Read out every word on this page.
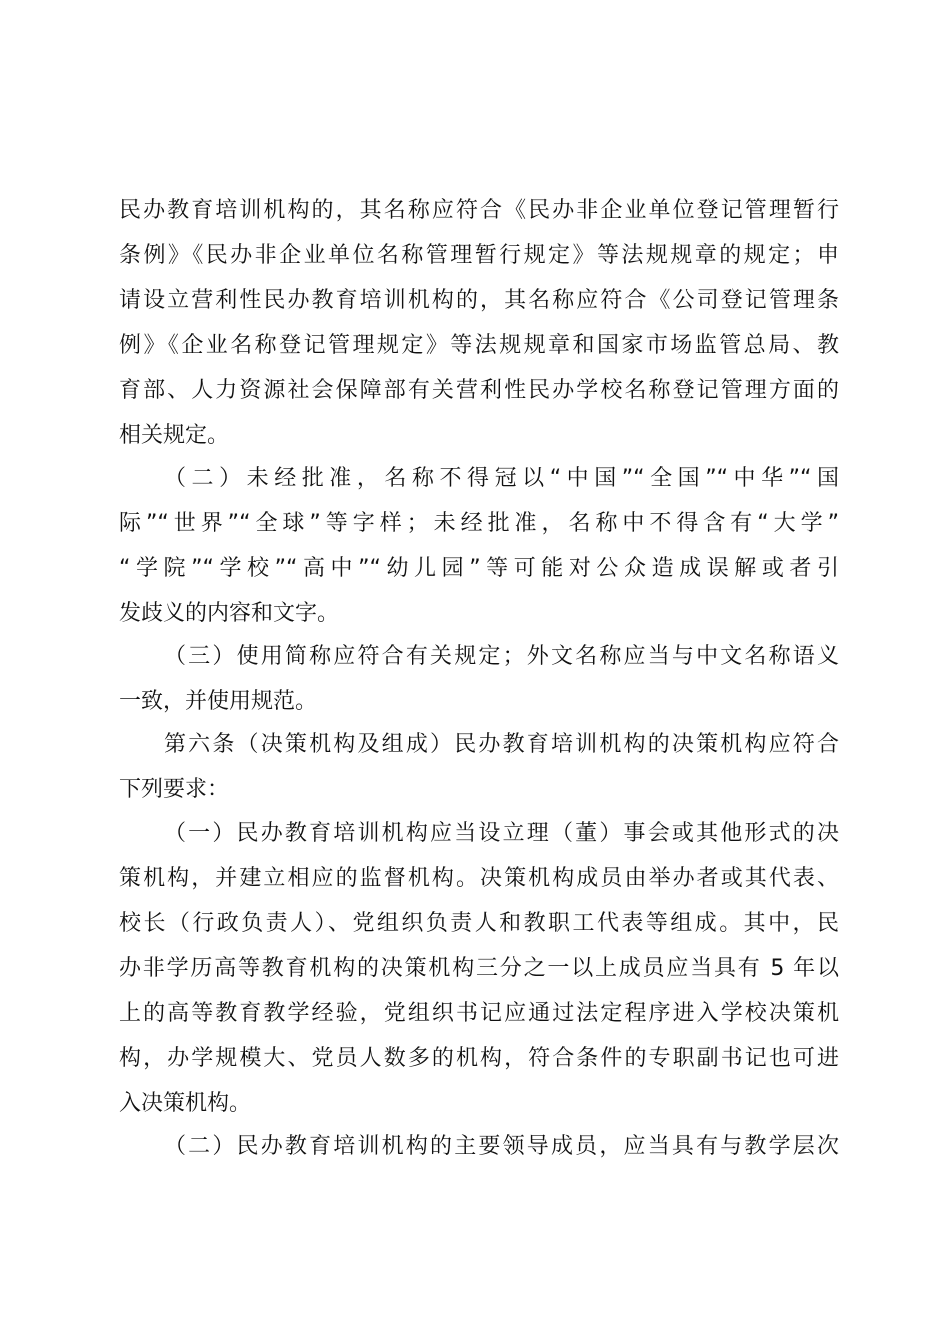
民办教育培训机构的，其名称应符合《民办非企业单位登记管理暂行
条例》《民办非企业单位名称管理暂行规定》等法规规章的规定；申
请设立营利性民办教育培训机构的，其名称应符合《公司登记管理条
例》《企业名称登记管理规定》等法规规章和国家市场监管总局、教
育部、人力资源社会保障部有关营利性民办学校名称登记管理方面的
相关规定。
（二）未经批准，名称不得冠以“中国”“全国”“中华”“国
际”“世界”“全球”等字样；未经批准，名称中不得含有“大学”
“学院”“学校”“高中”“幼儿园”等可能对公众造成误解或者引
发歧义的内容和文字。
（三）使用简称应符合有关规定；外文名称应当与中文名称语义
一致，并使用规范。
第六条（决策机构及组成）民办教育培训机构的决策机构应符合
下列要求：
（一）民办教育培训机构应当设立理（董）事会或其他形式的决
策机构，并建立相应的监督机构。决策机构成员由举办者或其代表、
校长（行政负责人）、党组织负责人和教职工代表等组成。其中，民
办非学历高等教育机构的决策机构三分之一以上成员应当具有 5 年以
上的高等教育教学经验，党组织书记应通过法定程序进入学校决策机
构，办学规模大、党员人数多的机构，符合条件的专职副书记也可进
入决策机构。
（二）民办教育培训机构的主要领导成员，应当具有与教学层次
